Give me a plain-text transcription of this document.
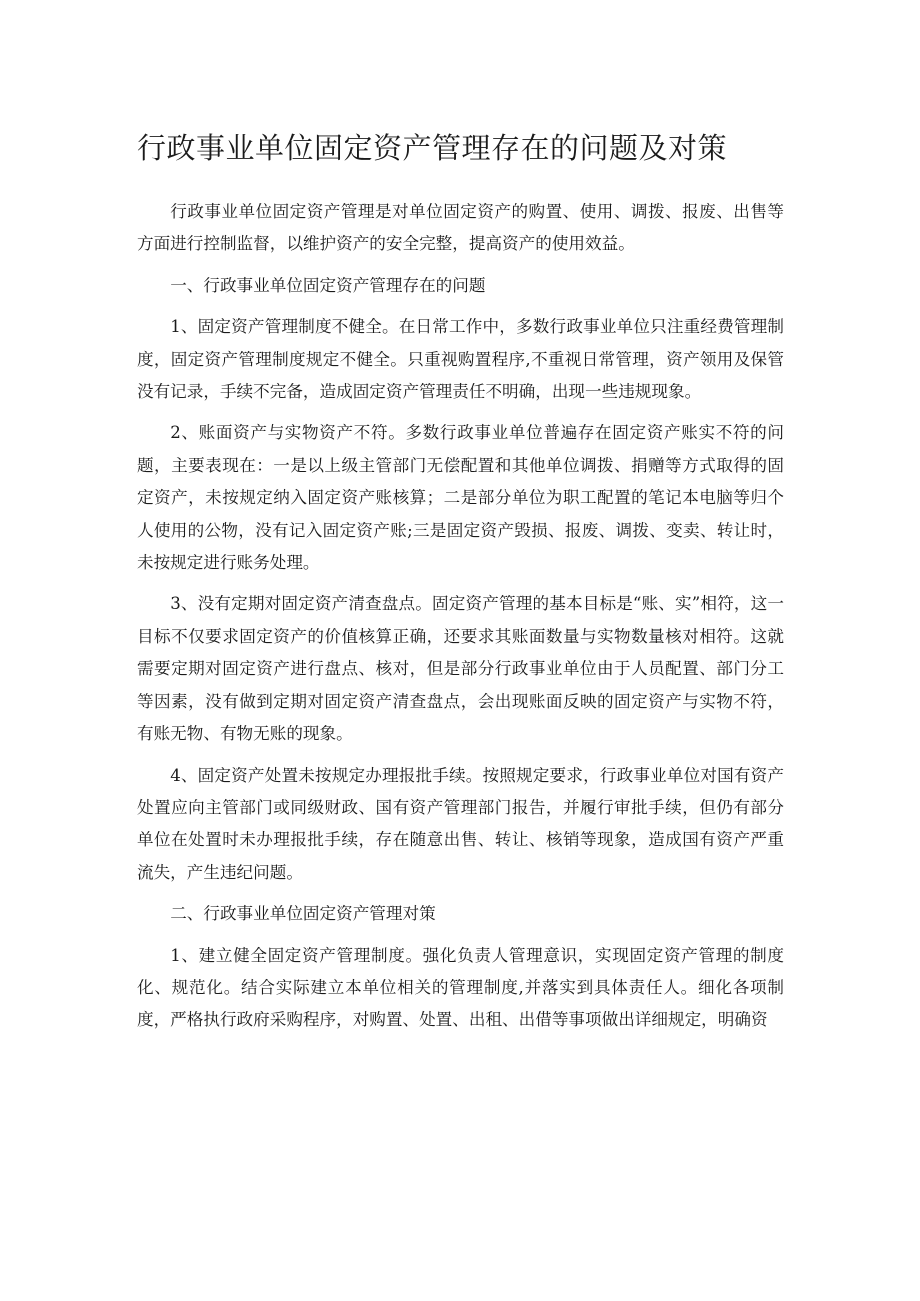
行政事业单位固定资产管理存在的问题及对策

行政事业单位固定资产管理是对单位固定资产的购置、使用、调拨、报废、出售等方面进行控制监督，以维护资产的安全完整，提高资产的使用效益。

一、行政事业单位固定资产管理存在的问题

1、固定资产管理制度不健全。在日常工作中，多数行政事业单位只注重经费管理制度，固定资产管理制度规定不健全。只重视购置程序,不重视日常管理，资产领用及保管没有记录，手续不完备，造成固定资产管理责任不明确，出现一些违规现象。

2、账面资产与实物资产不符。多数行政事业单位普遍存在固定资产账实不符的问题，主要表现在：一是以上级主管部门无偿配置和其他单位调拨、捐赠等方式取得的固定资产，未按规定纳入固定资产账核算；二是部分单位为职工配置的笔记本电脑等归个人使用的公物，没有记入固定资产账;三是固定资产毁损、报废、调拨、变卖、转让时，未按规定进行账务处理。

3、没有定期对固定资产清查盘点。固定资产管理的基本目标是“账、实”相符，这一目标不仅要求固定资产的价值核算正确，还要求其账面数量与实物数量核对相符。这就需要定期对固定资产进行盘点、核对，但是部分行政事业单位由于人员配置、部门分工等因素，没有做到定期对固定资产清查盘点，会出现账面反映的固定资产与实物不符，有账无物、有物无账的现象。

4、固定资产处置未按规定办理报批手续。按照规定要求，行政事业单位对国有资产处置应向主管部门或同级财政、国有资产管理部门报告，并履行审批手续，但仍有部分单位在处置时未办理报批手续，存在随意出售、转让、核销等现象，造成国有资产严重流失，产生违纪问题。

二、行政事业单位固定资产管理对策

1、建立健全固定资产管理制度。强化负责人管理意识，实现固定资产管理的制度化、规范化。结合实际建立本单位相关的管理制度,并落实到具体责任人。细化各项制度，严格执行政府采购程序，对购置、处置、出租、出借等事项做出详细规定，明确资
